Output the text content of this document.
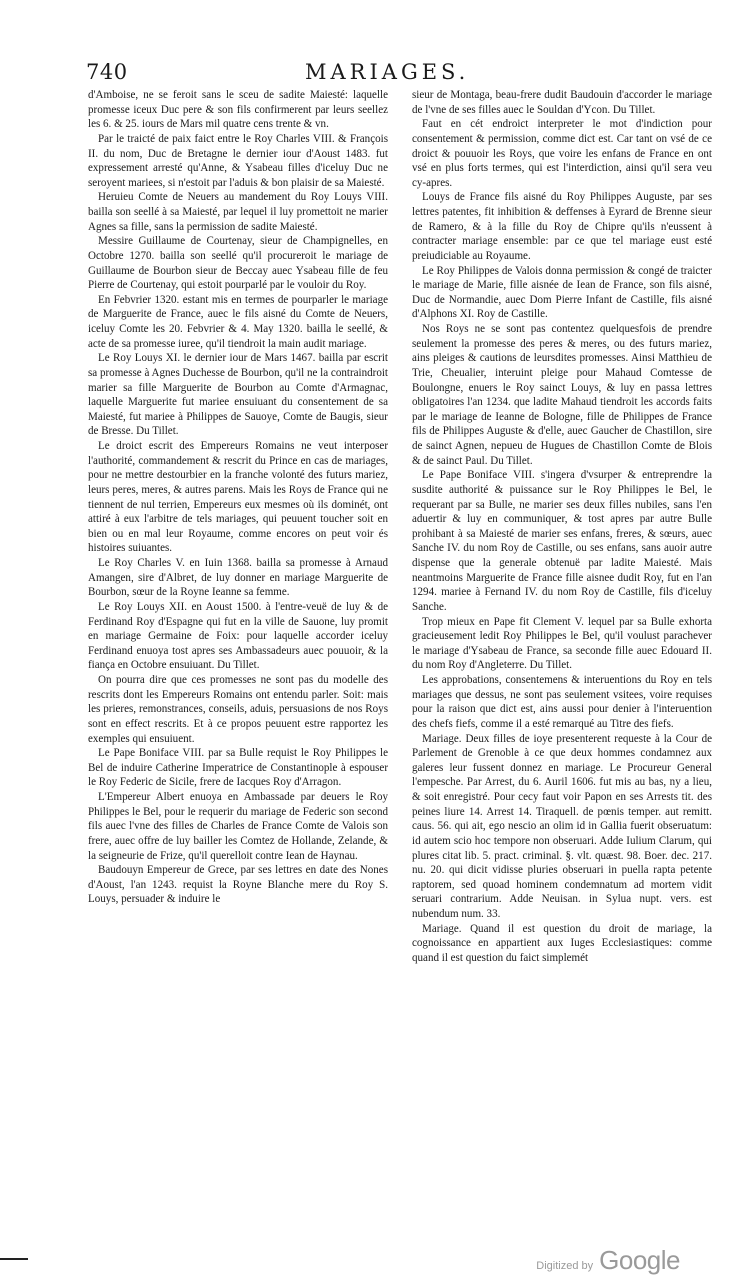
740	MARIAGES.

d'Amboise, ne se feroit sans le sceu de sadite Maiesté: laquelle promesse iceux Duc pere & son fils confirmerent par leurs seellez les 6. & 25. iours de Mars mil quatre cens trente & vn.

Par le traicté de paix faict entre le Roy Charles VIII. & François II. du nom, Duc de Bretagne le dernier iour d'Aoust 1483. fut expressement arresté qu'Anne, & Ysabeau filles d'iceluy Duc ne seroyent mariees, si n'estoit par l'aduis & bon plaisir de sa Maiesté.

Heruieu Comte de Neuers au mandement du Roy Louys VIII. bailla son seellé à sa Maiesté, par lequel il luy promettoit ne marier Agnes sa fille, sans la permission de sadite Maiesté.

Messire Guillaume de Courtenay, sieur de Champignelles, en Octobre 1270. bailla son seellé qu'il procureroit le mariage de Guillaume de Bourbon sieur de Beccay auec Ysabeau fille de feu Pierre de Courtenay, qui estoit pourparlé par le vouloir du Roy.

En Febvrier 1320. estant mis en termes de pourparler le mariage de Marguerite de France, auec le fils aisné du Comte de Neuers, iceluy Comte les 20. Febvrier & 4. May 1320. bailla le seellé, & acte de sa promesse iuree, qu'il tiendroit la main audit mariage.

Le Roy Louys XI. le dernier iour de Mars 1467. bailla par escrit sa promesse à Agnes Duchesse de Bourbon, qu'il ne la contraindroit marier sa fille Marguerite de Bourbon au Comte d'Armagnac, laquelle Marguerite fut mariee ensuiuant du consentement de sa Maiesté, fut mariee à Philippes de Sauoye, Comte de Baugis, sieur de Bresse. Du Tillet.

Le droict escrit des Empereurs Romains ne veut interposer l'authorité, commandement & rescrit du Prince en cas de mariages, pour ne mettre destourbier en la franche volonté des futurs mariez, leurs peres, meres, & autres parens. Mais les Roys de France qui ne tiennent de nul terrien, Empereurs eux mesmes où ils dominét, ont attiré à eux l'arbitre de tels mariages, qui peuuent toucher soit en bien ou en mal leur Royaume, comme encores on peut voir és histoires suiuantes.

Le Roy Charles V. en Iuin 1368. bailla sa promesse à Arnaud Amangen, sire d'Albret, de luy donner en mariage Marguerite de Bourbon, sœur de la Royne Ieanne sa femme.

Le Roy Louys XII. en Aoust 1500. à l'entre-veuë de luy & de Ferdinand Roy d'Espagne qui fut en la ville de Sauone, luy promit en mariage Germaine de Foix: pour laquelle accorder iceluy Ferdinand enuoya tost apres ses Ambassadeurs auec pouuoir, & la fiança en Octobre ensuiuant. Du Tillet.

On pourra dire que ces promesses ne sont pas du modelle des rescrits dont les Empereurs Romains ont entendu parler. Soit: mais les prieres, remonstrances, conseils, aduis, persuasions de nos Roys sont en effect rescrits. Et à ce propos peuuent estre rapportez les exemples qui ensuiuent.

Le Pape Boniface VIII. par sa Bulle requist le Roy Philippes le Bel de induire Catherine Imperatrice de Constantinople à espouser le Roy Federic de Sicile, frere de Iacques Roy d'Arragon.

L'Empereur Albert enuoya en Ambassade par deuers le Roy Philippes le Bel, pour le requerir du mariage de Federic son second fils auec l'vne des filles de Charles de France Comte de Valois son frere, auec offre de luy bailler les Comtez de Hollande, Zelande, & la seigneurie de Frize, qu'il querelloit contre Iean de Haynau.

Baudouyn Empereur de Grece, par ses lettres en date des Nones d'Aoust, l'an 1243. requist la Royne Blanche mere du Roy S. Louys, persuader & induire le

sieur de Montaga, beau-frere dudit Baudouin d'accorder le mariage de l'vne de ses filles auec le Souldan d'Ycon. Du Tillet.

Faut en cét endroict interpreter le mot d'indiction pour consentement & permission, comme dict est. Car tant on vsé de ce droict & pouuoir les Roys, que voire les enfans de France en ont vsé en plus forts termes, qui est l'interdiction, ainsi qu'il sera veu cy-apres.

Louys de France fils aisné du Roy Philippes Auguste, par ses lettres patentes, fit inhibition & deffenses à Eyrard de Brenne sieur de Ramero, & à la fille du Roy de Chipre qu'ils n'eussent à contracter mariage ensemble: par ce que tel mariage eust esté preiudiciable au Royaume.

Le Roy Philippes de Valois donna permission & congé de traicter le mariage de Marie, fille aisnée de Iean de France, son fils aisné, Duc de Normandie, auec Dom Pierre Infant de Castille, fils aisné d'Alphons XI. Roy de Castille.

Nos Roys ne se sont pas contentez quelquesfois de prendre seulement la promesse des peres & meres, ou des futurs mariez, ains pleiges & cautions de leursdites promesses. Ainsi Matthieu de Trie, Cheualier, interuint pleige pour Mahaud Comtesse de Boulongne, enuers le Roy sainct Louys, & luy en passa lettres obligatoires l'an 1234. que ladite Mahaud tiendroit les accords faits par le mariage de Ieanne de Bologne, fille de Philippes de France fils de Philippes Auguste & d'elle, auec Gaucher de Chastillon, sire de sainct Agnen, nepueu de Hugues de Chastillon Comte de Blois & de sainct Paul. Du Tillet.

Le Pape Boniface VIII. s'ingera d'vsurper & entreprendre la susdite authorité & puissance sur le Roy Philippes le Bel, le requerant par sa Bulle, ne marier ses deux filles nubiles, sans l'en aduertir & luy en communiquer, & tost apres par autre Bulle prohibant à sa Maiesté de marier ses enfans, freres, & sœurs, auec Sanche IV. du nom Roy de Castille, ou ses enfans, sans auoir autre dispense que la generale obtenuë par ladite Maiesté. Mais neantmoins Marguerite de France fille aisnee dudit Roy, fut en l'an 1294. mariee à Fernand IV. du nom Roy de Castille, fils d'iceluy Sanche.

Trop mieux en Pape fit Clement V. lequel par sa Bulle exhorta gracieusement ledit Roy Philippes le Bel, qu'il voulust parachever le mariage d'Ysabeau de France, sa seconde fille auec Edouard II. du nom Roy d'Angleterre. Du Tillet.

Les approbations, consentemens & interuentions du Roy en tels mariages que dessus, ne sont pas seulement vsitees, voire requises pour la raison que dict est, ains aussi pour denier à l'interuention des chefs fiefs, comme il a esté remarqué au Titre des fiefs.

Mariage. Deux filles de ioye presenterent requeste à la Cour de Parlement de Grenoble à ce que deux hommes condamnez aux galeres leur fussent donnez en mariage. Le Procureur General l'empesche. Par Arrest, du 6. Auril 1606. fut mis au bas, ny a lieu, & soit enregistré. Pour cecy faut voir Papon en ses Arrests tit. des peines liure 14. Arrest 14. Tiraquell. de pœnis temper. aut remitt. caus. 56. qui ait, ego nescio an olim id in Gallia fuerit obseruatum: id autem scio hoc tempore non obseruari. Adde Iulium Clarum, qui plures citat lib. 5. pract. criminal. §. vlt. quæst. 98. Boer. dec. 217. nu. 20. qui dicit vidisse pluries obseruari in puella rapta petente raptorem, sed quoad hominem condemnatum ad mortem vidit seruari contrarium. Adde Neuisan. in Sylua nupt. vers. est nubendum num. 33.

Mariage. Quand il est question du droit de mariage, la cognoissance en appartient aux Iuges Ecclesiastiques: comme quand il est question du faict simplemét

Digitized by Google
